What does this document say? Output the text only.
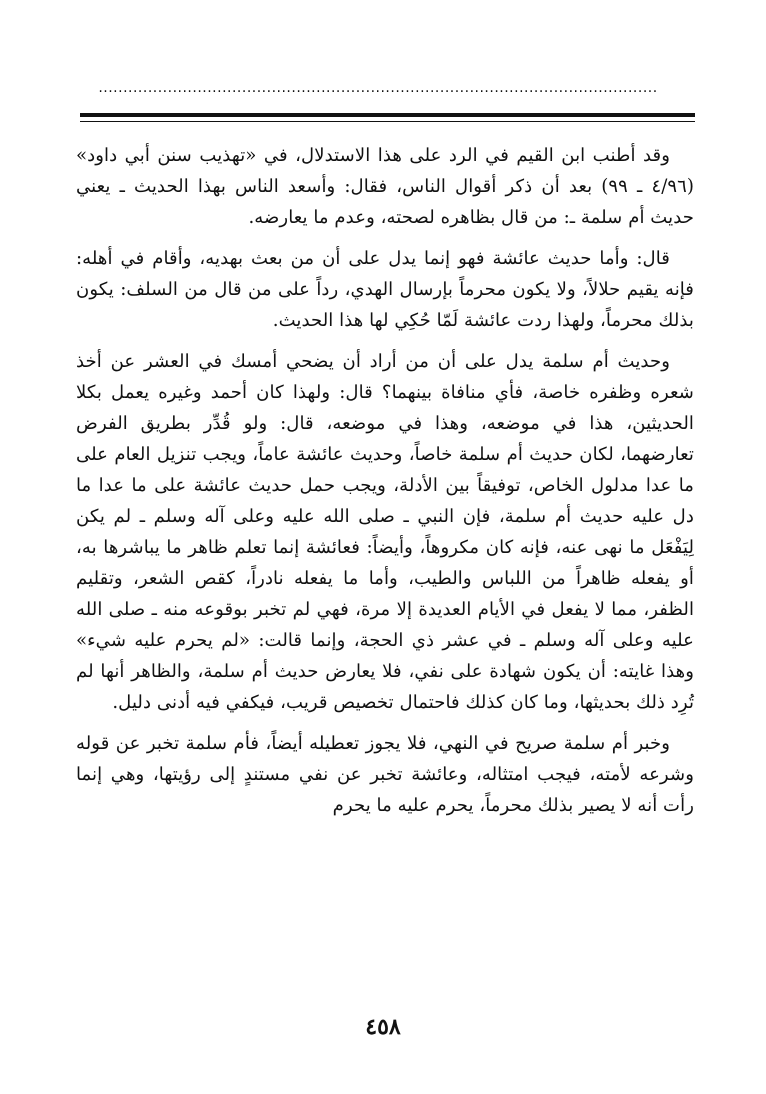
.................................................................................................................

وقد أطنب ابن القيم في الرد على هذا الاستدلال، في «تهذيب سنن أبي داود» (٤/٩٦ ـ ٩٩) بعد أن ذكر أقوال الناس، فقال: وأسعد الناس بهذا الحديث ـ يعني حديث أم سلمة ـ: من قال بظاهره لصحته، وعدم ما يعارضه.

قال: وأما حديث عائشة فهو إنما يدل على أن من بعث بهديه، وأقام في أهله: فإنه يقيم حلالاً، ولا يكون محرماً بإرسال الهدي، رداً على من قال من السلف: يكون بذلك محرماً، ولهذا ردت عائشة لَمّا حُكِي لها هذا الحديث.

وحديث أم سلمة يدل على أن من أراد أن يضحي أمسك في العشر عن أخذ شعره وظفره خاصة، فأي منافاة بينهما؟ قال: ولهذا كان أحمد وغيره يعمل بكلا الحديثين، هذا في موضعه، وهذا في موضعه، قال: ولو قُدِّر بطريق الفرض تعارضهما، لكان حديث أم سلمة خاصاً، وحديث عائشة عاماً، ويجب تنزيل العام على ما عدا مدلول الخاص، توفيقاً بين الأدلة، ويجب حمل حديث عائشة على ما عدا ما دل عليه حديث أم سلمة، فإن النبي ـ صلى الله عليه وعلى آله وسلم ـ لم يكن لِيَفْعَل ما نهى عنه، فإنه كان مكروهاً، وأيضاً: فعائشة إنما تعلم ظاهر ما يباشرها به، أو يفعله ظاهراً من اللباس والطيب، وأما ما يفعله نادراً، كقص الشعر، وتقليم الظفر، مما لا يفعل في الأيام العديدة إلا مرة، فهي لم تخبر بوقوعه منه ـ صلى الله عليه وعلى آله وسلم ـ في عشر ذي الحجة، وإنما قالت: «لم يحرم عليه شيء» وهذا غايته: أن يكون شهادة على نفي، فلا يعارض حديث أم سلمة، والظاهر أنها لم تُرِد ذلك بحديثها، وما كان كذلك فاحتمال تخصيص قريب، فيكفي فيه أدنى دليل.

وخبر أم سلمة صريح في النهي، فلا يجوز تعطيله أيضاً، فأم سلمة تخبر عن قوله وشرعه لأمته، فيجب امتثاله، وعائشة تخبر عن نفي مستندٍ إلى رؤيتها، وهي إنما رأت أنه لا يصير بذلك محرماً، يحرم عليه ما يحرم

٤٥٨
